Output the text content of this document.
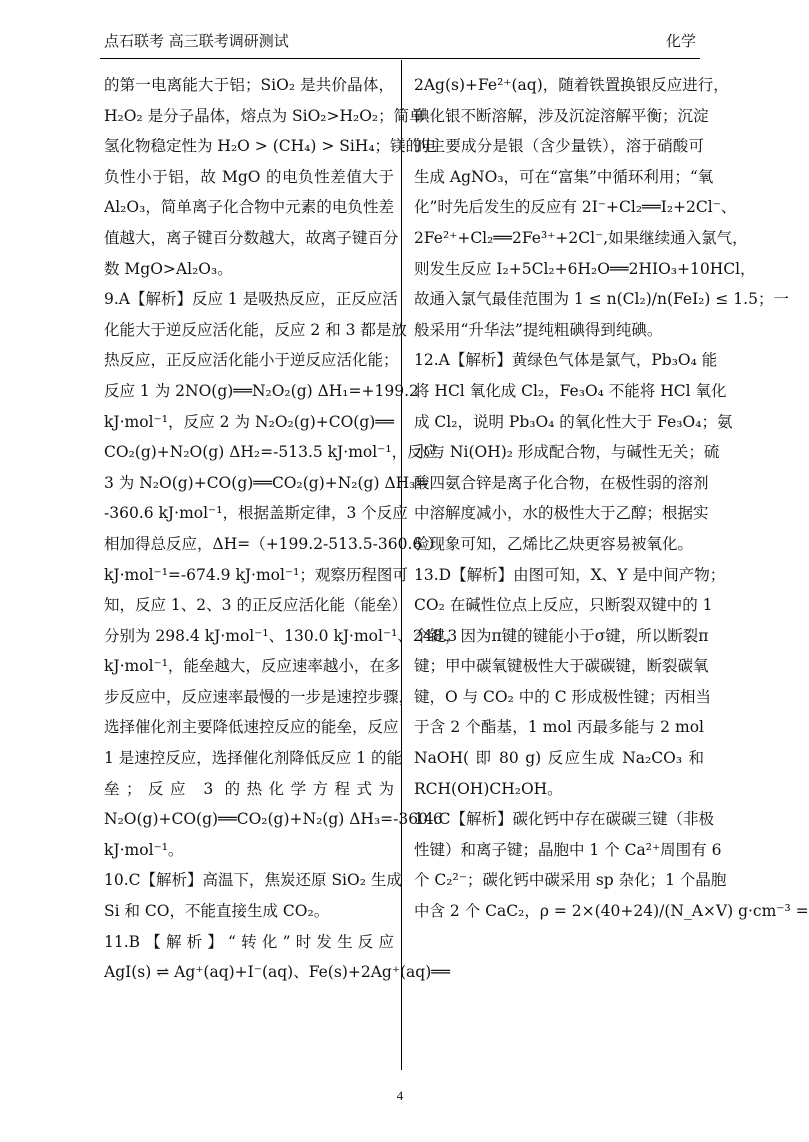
点石联考 高三联考调研测试	化学
的第一电离能大于铝；SiO₂ 是共价晶体，
H₂O₂ 是分子晶体，熔点为 SiO₂>H₂O₂；简单
氢化物稳定性为 H₂O > (CH₄) > SiH₄；镁的电
负性小于铝，故 MgO 的电负性差值大于
Al₂O₃，简单离子化合物中元素的电负性差
值越大，离子键百分数越大，故离子键百分
数 MgO>Al₂O₃。
9.A【解析】反应 1 是吸热反应，正反应活
化能大于逆反应活化能，反应 2 和 3 都是放
热反应，正反应活化能小于逆反应活化能；
反应 1 为 2NO(g)══N₂O₂(g) ΔH₁=+199.2
kJ·mol⁻¹，反应 2 为 N₂O₂(g)+CO(g)══
CO₂(g)+N₂O(g) ΔH₂=-513.5 kJ·mol⁻¹，反应
3 为 N₂O(g)+CO(g)══CO₂(g)+N₂(g) ΔH₃=
-360.6 kJ·mol⁻¹，根据盖斯定律，3 个反应
相加得总反应，ΔH=（+199.2-513.5-360.6 ）
kJ·mol⁻¹=-674.9 kJ·mol⁻¹；观察历程图可
知，反应 1、2、3 的正反应活化能（能垒）
分别为 298.4 kJ·mol⁻¹、130.0 kJ·mol⁻¹、248.3
kJ·mol⁻¹，能垒越大，反应速率越小，在多
步反应中，反应速率最慢的一步是速控步骤，
选择催化剂主要降低速控反应的能垒，反应
1 是速控反应，选择催化剂降低反应 1 的能
垒；反应 3 的热化学方程式为
N₂O(g)+CO(g)══CO₂(g)+N₂(g) ΔH₃=-360.6
kJ·mol⁻¹。
10.C【解析】高温下，焦炭还原 SiO₂ 生成
Si 和 CO，不能直接生成 CO₂。
11.B【解析】“转化”时发生反应
AgI(s) ⇌ Ag⁺(aq)+I⁻(aq)、Fe(s)+2Ag⁺(aq)══
2Ag(s)+Fe²⁺(aq)，随着铁置换银反应进行，
碘化银不断溶解，涉及沉淀溶解平衡；沉淀
的主要成分是银（含少量铁），溶于硝酸可
生成 AgNO₃，可在“富集”中循环利用；“氧
化”时先后发生的反应有 2I⁻+Cl₂══I₂+2Cl⁻、
2Fe²⁺+Cl₂══2Fe³⁺+2Cl⁻,如果继续通入氯气，
则发生反应 I₂+5Cl₂+6H₂O══2HIO₃+10HCl，
故通入氯气最佳范围为 1 ≤ n(Cl₂)/n(FeI₂) ≤ 1.5；一
般采用“升华法”提纯粗碘得到纯碘。
12.A【解析】黄绿色气体是氯气，Pb₃O₄ 能
将 HCl 氧化成 Cl₂，Fe₃O₄ 不能将 HCl 氧化
成 Cl₂，说明 Pb₃O₄ 的氧化性大于 Fe₃O₄；氨
水与 Ni(OH)₂ 形成配合物，与碱性无关；硫
酸四氨合锌是离子化合物，在极性弱的溶剂
中溶解度减小，水的极性大于乙醇；根据实
验现象可知，乙烯比乙炔更容易被氧化。
13.D【解析】由图可知，X、Y 是中间产物；
CO₂ 在碱性位点上反应，只断裂双键中的 1
个键，因为π键的键能小于σ键，所以断裂π
键；甲中碳氧键极性大于碳碳键，断裂碳氧
键，O 与 CO₂ 中的 C 形成极性键；丙相当
于含 2 个酯基，1 mol 丙最多能与 2 mol
NaOH( 即 80 g) 反应生成 Na₂CO₃ 和
RCH(OH)CH₂OH。
14.C【解析】碳化钙中存在碳碳三键（非极
性键）和离子键；晶胞中 1 个 Ca²⁺周围有 6
个 C₂²⁻；碳化钙中碳采用 sp 杂化；1 个晶胞
中含 2 个 CaC₂，ρ = 2×(40+24)/(N_A×V) g·cm⁻³ =
4
